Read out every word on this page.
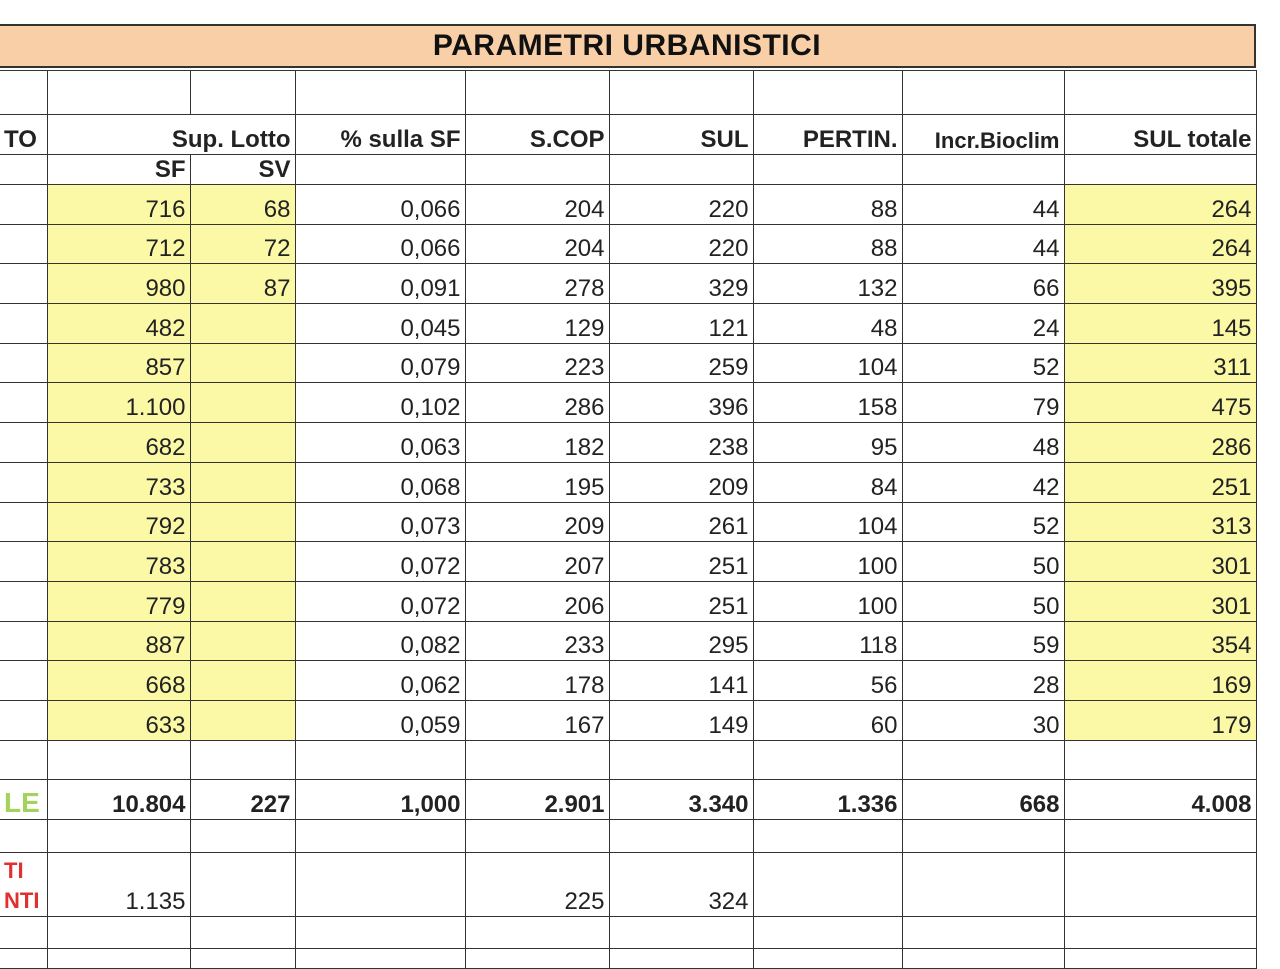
PARAMETRI URBANISTICI

TO	Sup. Lotto		% sulla SF	S.COP	SUL	PERTIN.	Incr.Bioclim	SUL totale
	SF	SV						
	716	68	0,066	204	220	88	44	264
	712	72	0,066	204	220	88	44	264
	980	87	0,091	278	329	132	66	395
	482		0,045	129	121	48	24	145
	857		0,079	223	259	104	52	311
	1.100		0,102	286	396	158	79	475
	682		0,063	182	238	95	48	286
	733		0,068	195	209	84	42	251
	792		0,073	209	261	104	52	313
	783		0,072	207	251	100	50	301
	779		0,072	206	251	100	50	301
	887		0,082	233	295	118	59	354
	668		0,062	178	141	56	28	169
	633		0,059	167	149	60	30	179

LE	10.804	227	1,000	2.901	3.340	1.336	668	4.008

TI
NTI	1.135			225	324			
